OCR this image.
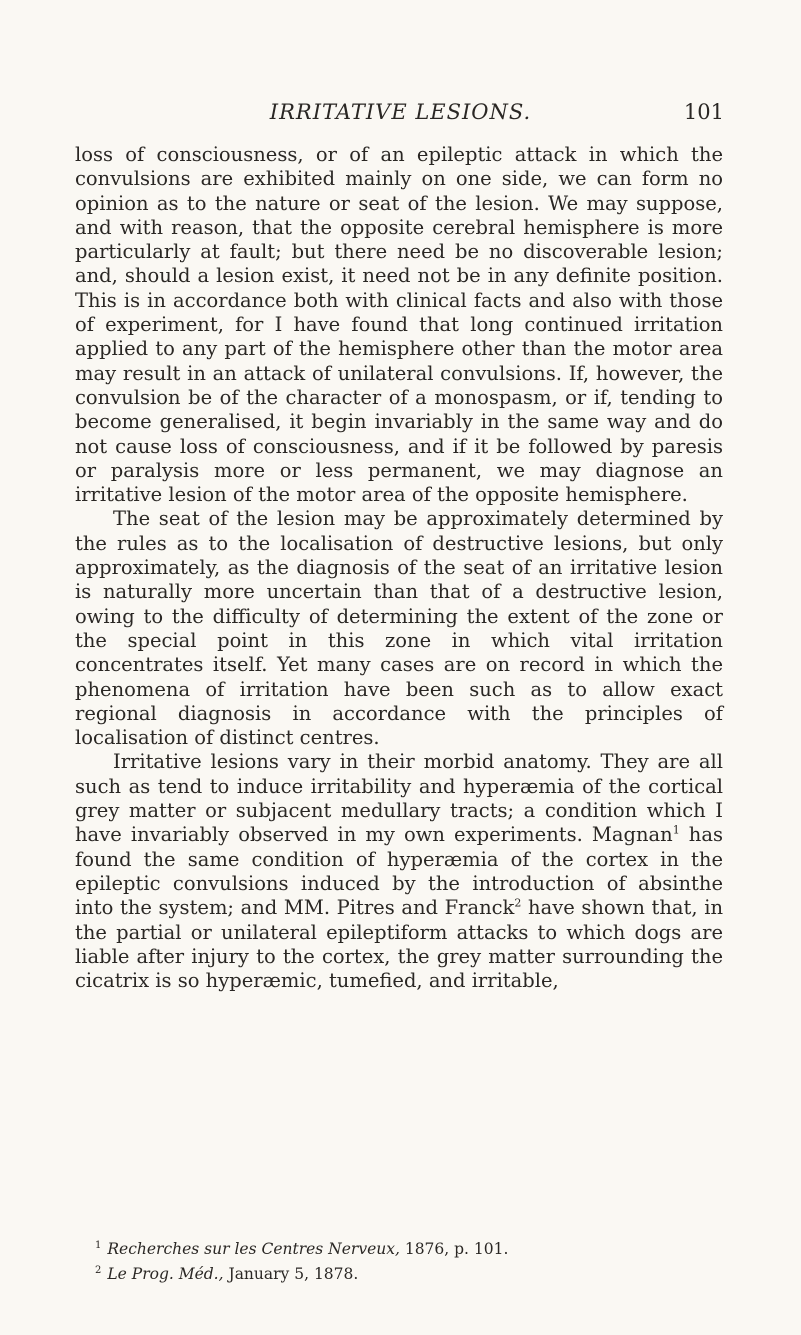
IRRITATIVE LESIONS.	101

loss of consciousness, or of an epileptic attack in which the convulsions are exhibited mainly on one side, we can form no opinion as to the nature or seat of the lesion. We may suppose, and with reason, that the opposite cerebral hemisphere is more particularly at fault; but there need be no discoverable lesion; and, should a lesion exist, it need not be in any definite position. This is in accordance both with clinical facts and also with those of experiment, for I have found that long continued irritation applied to any part of the hemisphere other than the motor area may result in an attack of unilateral convulsions. If, however, the convulsion be of the character of a monospasm, or if, tending to become generalised, it begin invariably in the same way and do not cause loss of consciousness, and if it be followed by paresis or paralysis more or less permanent, we may diagnose an irritative lesion of the motor area of the opposite hemisphere.

The seat of the lesion may be approximately determined by the rules as to the localisation of destructive lesions, but only approximately, as the diagnosis of the seat of an irritative lesion is naturally more uncertain than that of a destructive lesion, owing to the difficulty of determining the extent of the zone or the special point in this zone in which vital irritation concentrates itself. Yet many cases are on record in which the phenomena of irritation have been such as to allow exact regional diagnosis in accordance with the principles of localisation of distinct centres.

Irritative lesions vary in their morbid anatomy. They are all such as tend to induce irritability and hyperæmia of the cortical grey matter or subjacent medullary tracts; a condition which I have invariably observed in my own experiments. Magnan$^1$ has found the same condition of hyperæmia of the cortex in the epileptic convulsions induced by the introduction of absinthe into the system; and MM. Pitres and Franck$^2$ have shown that, in the partial or unilateral epileptiform attacks to which dogs are liable after injury to the cortex, the grey matter surrounding the cicatrix is so hyperæmic, tumefied, and irritable,

$^1$ Recherches sur les Centres Nerveux, 1876, p. 101.
$^2$ Le Prog. Méd., January 5, 1878.
